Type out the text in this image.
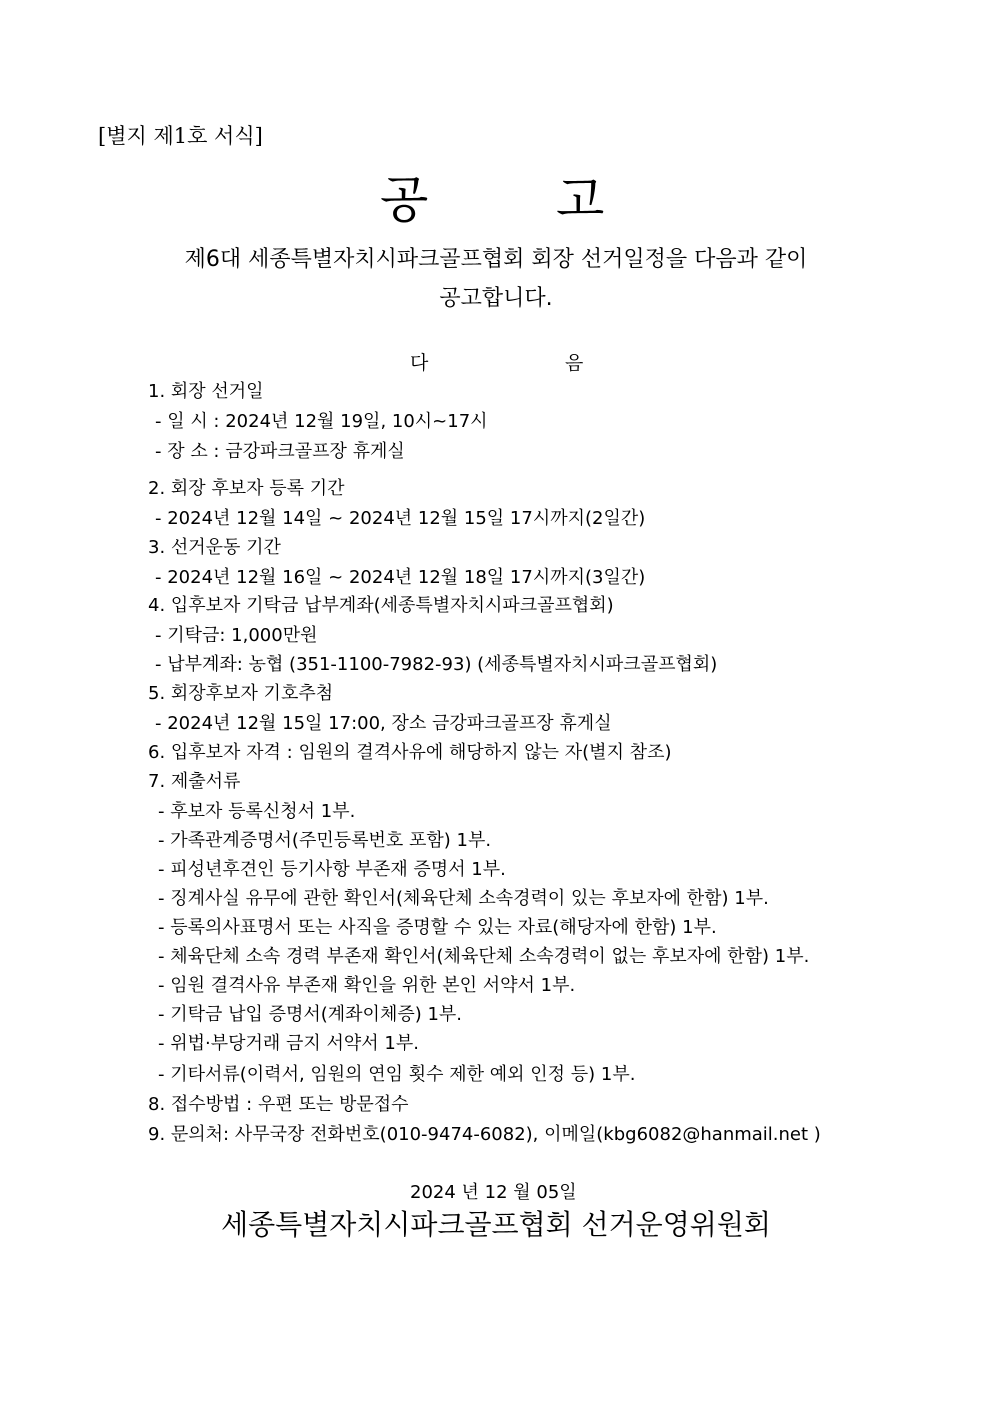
[별지 제1호 서식]
공	고
제6대 세종특별자치시파크골프협회 회장 선거일정을 다음과 같이
공고합니다.
다	음
1. 회장 선거일
- 일 시 : 2024년 12월 19일, 10시~17시
- 장 소 : 금강파크골프장 휴게실
2. 회장 후보자 등록 기간
- 2024년 12월 14일 ~ 2024년 12월 15일 17시까지(2일간)
3. 선거운동 기간
- 2024년 12월 16일 ~ 2024년 12월 18일 17시까지(3일간)
4. 입후보자 기탁금 납부계좌(세종특별자치시파크골프협회)
- 기탁금: 1,000만원
- 납부계좌: 농협 (351-1100-7982-93) (세종특별자치시파크골프협회)
5. 회장후보자 기호추첨
- 2024년 12월 15일 17:00, 장소 금강파크골프장 휴게실
6. 입후보자 자격 : 임원의 결격사유에 해당하지 않는 자(별지 참조)
7. 제출서류
- 후보자 등록신청서 1부.
- 가족관계증명서(주민등록번호 포함) 1부.
- 피성년후견인 등기사항 부존재 증명서 1부.
- 징계사실 유무에 관한 확인서(체육단체 소속경력이 있는 후보자에 한함) 1부.
- 등록의사표명서 또는 사직을 증명할 수 있는 자료(해당자에 한함) 1부.
- 체육단체 소속 경력 부존재 확인서(체육단체 소속경력이 없는 후보자에 한함) 1부.
- 임원 결격사유 부존재 확인을 위한 본인 서약서 1부.
- 기탁금 납입 증명서(계좌이체증) 1부.
- 위법·부당거래 금지 서약서 1부.
- 기타서류(이력서, 임원의 연임 횟수 제한 예외 인정 등) 1부.
8. 접수방법 : 우편 또는 방문접수
9. 문의처: 사무국장 전화번호(010-9474-6082), 이메일(kbg6082@hanmail.net )
2024 년 12 월 05일
세종특별자치시파크골프협회 선거운영위원회
